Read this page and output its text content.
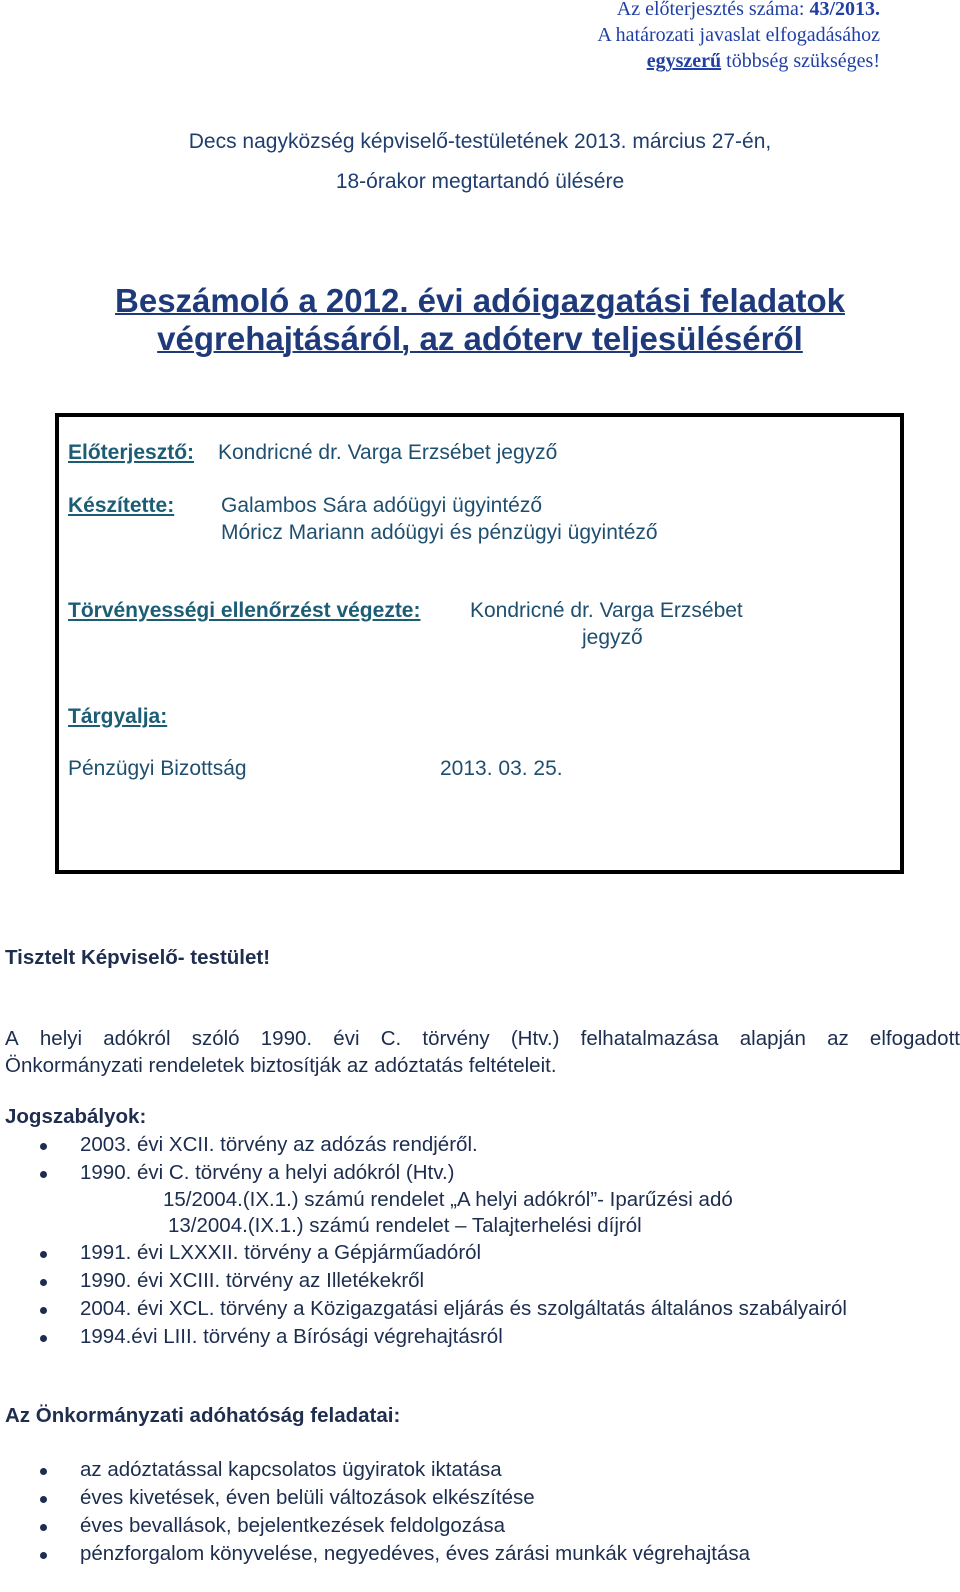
Az előterjesztés száma: 43/2013.
A határozati javaslat elfogadásához
egyszerű többség szükséges!
Decs nagyközség képviselő-testületének 2013. március 27-én,
18-órakor megtartandó ülésére
Beszámoló a 2012. évi adóigazgatási feladatok
végrehajtásáról, az adóterv teljesüléséről
Előterjesztő: Kondricné dr. Varga Erzsébet jegyző
Készítette: Galambos Sára adóügyi ügyintéző
Móricz Mariann adóügyi és pénzügyi ügyintéző
Törvényességi ellenőrzést végezte: Kondricné dr. Varga Erzsébet
jegyző
Tárgyalja:
Pénzügyi Bizottság	2013. 03. 25.
Tisztelt Képviselő- testület!
A helyi adókról szóló 1990. évi C. törvény (Htv.) felhatalmazása alapján az elfogadott
Önkormányzati rendeletek biztosítják az adóztatás feltételeit.
Jogszabályok:
2003. évi XCII. törvény az adózás rendjéről.
1990. évi C. törvény a helyi adókról (Htv.)
15/2004.(IX.1.) számú rendelet „A helyi adókról”- Iparűzési adó
13/2004.(IX.1.) számú rendelet – Talajterhelési díjról
1991. évi LXXXII. törvény a Gépjárműadóról
1990. évi XCIII. törvény az Illetékekről
2004. évi XCL. törvény a Közigazgatási eljárás és szolgáltatás általános szabályairól
1994.évi LIII. törvény a Bírósági végrehajtásról
Az Önkormányzati adóhatóság feladatai:
az adóztatással kapcsolatos ügyiratok iktatása
éves kivetések, éven belüli változások elkészítése
éves bevallások, bejelentkezések feldolgozása
pénzforgalom könyvelése, negyedéves, éves zárási munkák végrehajtása
